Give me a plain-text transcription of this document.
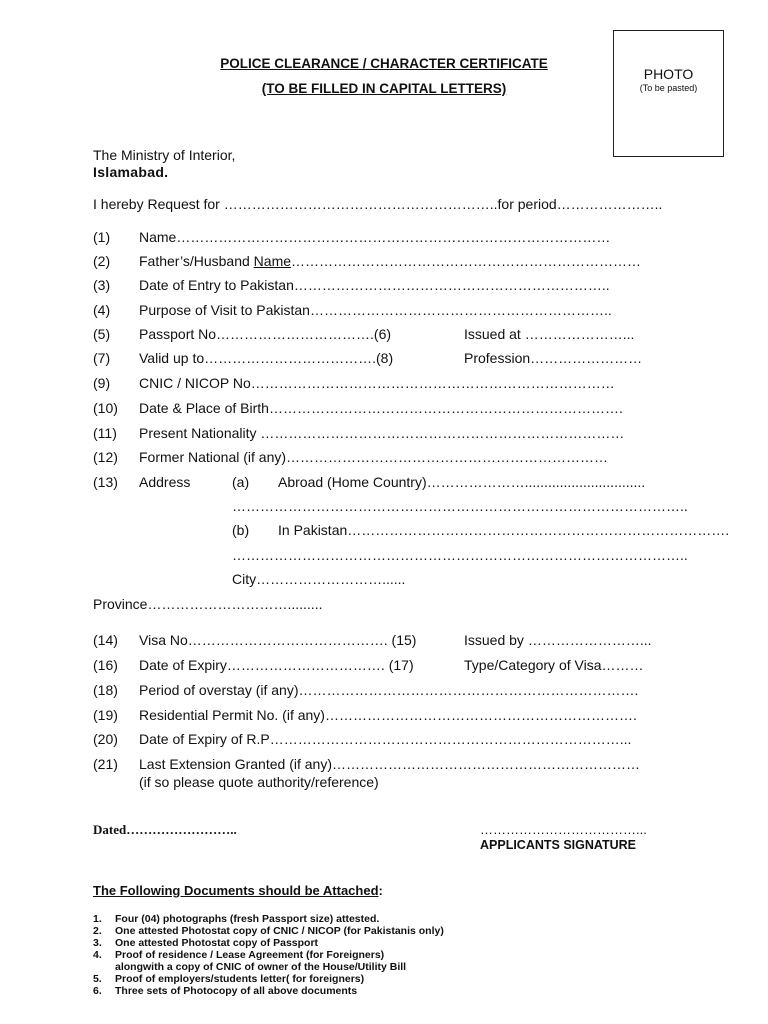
POLICE CLEARANCE / CHARACTER CERTIFICATE
(TO BE FILLED IN CAPITAL LETTERS)
PHOTO
(To be pasted)
The Ministry of Interior,
Islamabad.
I hereby Request for …………………………………………………..for period…………………..
(1) Name…………………………………………………………………………………
(2) Father’s/Husband Name…………………………………………………………………
(3) Date of Entry to Pakistan…………………………………………………………..
(4) Purpose of Visit to Pakistan………………………………………………………..
(5) Passport No…………………………….(6)	Issued at …………………...
(7) Valid up to……………………………….(8)	Profession……………………
(9) CNIC / NICOP No……………………………………………………………………
(10) Date & Place of Birth………………………………………………………………….
(11) Present Nationality ……………………………………………………………………
(12) Former National (if any)……………………………………………………………
(13) Address	(a) Abroad (Home Country)…………………...............................
……………………………………………………………………………………..
(b) In Pakistan……………………………………………………………………….
……………………………………………………………………………………..
City………………………......
Province………………………….........
(14) Visa No……………………………………. (15)	Issued by ……………………...
(16) Date of Expiry……………………………. (17)	Type/Category of Visa………
(18) Period of overstay (if any)……………………………………………………………….
(19) Residential Permit No. (if any)………………………………………………………….
(20) Date of Expiry of R.P…………………………………………………………………...
(21) Last Extension Granted (if any)…………………………………………………………
(if so please quote authority/reference)
Dated……………………..	………………………………...
APPLICANTS SIGNATURE
The Following Documents should be Attached:
1. Four (04) photographs (fresh Passport size) attested.
2. One attested Photostat copy of CNIC / NICOP (for Pakistanis only)
3. One attested Photostat copy of Passport
4. Proof of residence / Lease Agreement (for Foreigners)
alongwith a copy of CNIC of owner of the House/Utility Bill
5. Proof of employers/students letter( for foreigners)
6. Three sets of Photocopy of all above documents
